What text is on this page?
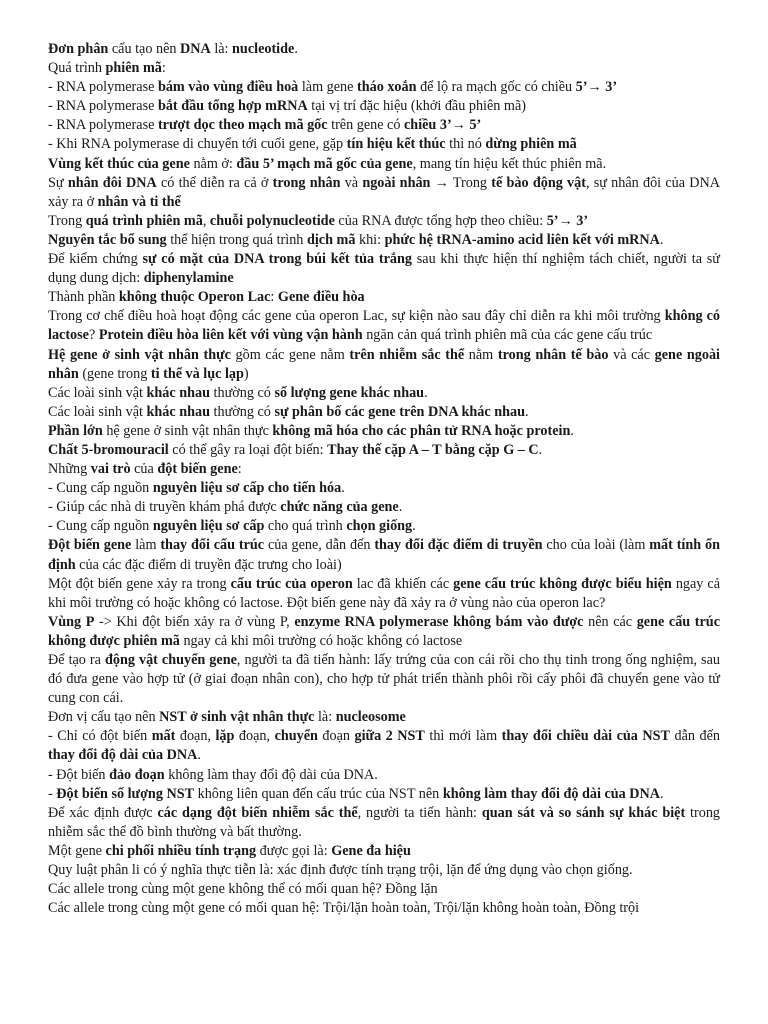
Đơn phân cấu tạo nên DNA là: nucleotide.

Quá trình phiên mã:

- RNA polymerase bám vào vùng điều hoà làm gene tháo xoắn để lộ ra mạch gốc có chiều 5’→ 3’

- RNA polymerase bắt đầu tổng hợp mRNA tại vị trí đặc hiệu (khởi đầu phiên mã)

- RNA polymerase trượt dọc theo mạch mã gốc trên gene có chiều 3’→ 5’

- Khi RNA polymerase di chuyển tới cuối gene, gặp tín hiệu kết thúc thì nó dừng phiên mã

Vùng kết thúc của gene nằm ở: đầu 5’ mạch mã gốc của gene, mang tín hiệu kết thúc phiên mã.

Sự nhân đôi DNA có thể diễn ra cả ở trong nhân và ngoài nhân → Trong tế bào động vật, sự nhân đôi của DNA xảy ra ở nhân và ti thể

Trong quá trình phiên mã, chuỗi polynucleotide của RNA được tổng hợp theo chiều: 5’→ 3’

Nguyên tắc bổ sung thể hiện trong quá trình dịch mã khi: phức hệ tRNA-amino acid liên kết với mRNA.

Để kiểm chứng sự có mặt của DNA trong búi kết tủa trắng sau khi thực hiện thí nghiệm tách chiết, người ta sử dụng dung dịch: diphenylamine

Thành phần không thuộc Operon Lac: Gene điều hòa

Trong cơ chế điều hoà hoạt động các gene của operon Lac, sự kiện nào sau đây chỉ diễn ra khi môi trường không có lactose? Protein điều hòa liên kết với vùng vận hành ngăn cản quá trình phiên mã của các gene cấu trúc

Hệ gene ở sinh vật nhân thực gồm các gene nằm trên nhiễm sắc thể nằm trong nhân tế bào và các gene ngoài nhân (gene trong ti thể và lục lạp)

Các loài sinh vật khác nhau thường có số lượng gene khác nhau.

Các loài sinh vật khác nhau thường có sự phân bố các gene trên DNA khác nhau.

Phần lớn hệ gene ở sinh vật nhân thực không mã hóa cho các phân tử RNA hoặc protein.

Chất 5-bromouracil có thể gây ra loại đột biến: Thay thế cặp A – T bằng cặp G – C.

Những vai trò của đột biến gene:

- Cung cấp nguồn nguyên liệu sơ cấp cho tiến hóa.

- Giúp các nhà di truyền khám phá được chức năng của gene.

- Cung cấp nguồn nguyên liệu sơ cấp cho quá trình chọn giống.

Đột biến gene làm thay đổi cấu trúc của gene, dẫn đến thay đổi đặc điểm di truyền cho của loài (làm mất tính ổn định của các đặc điểm di truyền đặc trưng cho loài)

Một đột biến gene xảy ra trong cấu trúc của operon lac đã khiến các gene cấu trúc không được biểu hiện ngay cả khi môi trường có hoặc không có lactose. Đột biến gene này đã xảy ra ở vùng nào của operon lac?

Vùng P -> Khi đột biến xảy ra ở vùng P, enzyme RNA polymerase không bám vào được nên các gene cấu trúc không được phiên mã ngay cả khi môi trường có hoặc không có lactose

Để tạo ra động vật chuyển gene, người ta đã tiến hành: lấy trứng của con cái rồi cho thụ tinh trong ống nghiệm, sau đó đưa gene vào hợp tử (ở giai đoạn nhân con), cho hợp tử phát triển thành phôi rồi cấy phôi đã chuyển gene vào tử cung con cái.

Đơn vị cấu tạo nên NST ở sinh vật nhân thực là: nucleosome

- Chỉ có đột biến mất đoạn, lặp đoạn, chuyển đoạn giữa 2 NST thì mới làm thay đổi chiều dài của NST dẫn đến thay đổi độ dài của DNA.

- Đột biến đảo đoạn không làm thay đổi độ dài của DNA.

- Đột biến số lượng NST không liên quan đến cấu trúc của NST nên không làm thay đổi độ dài của DNA.

Để xác định được các dạng đột biến nhiễm sắc thể, người ta tiến hành: quan sát và so sánh sự khác biệt trong nhiễm sắc thể đồ bình thường và bất thường.

Một gene chi phối nhiều tính trạng được gọi là: Gene đa hiệu

Quy luật phân li có ý nghĩa thực tiễn là: xác định được tính trạng trội, lặn để ứng dụng vào chọn giống.

Các allele trong cùng một gene không thể có mối quan hệ? Đồng lặn

Các allele trong cùng một gene có mối quan hệ: Trội/lặn hoàn toàn, Trội/lặn không hoàn toàn, Đồng trội
